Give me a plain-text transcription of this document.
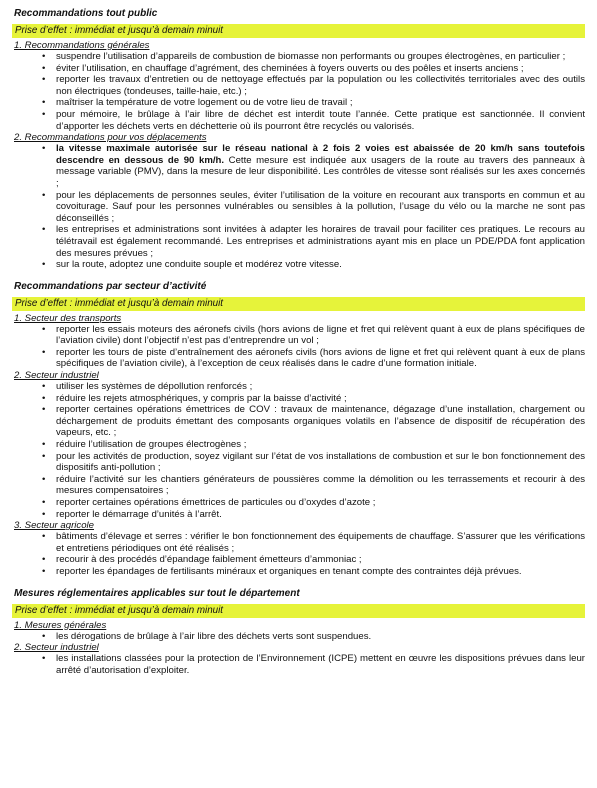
Recommandations tout public
Prise d’effet : immédiat et jusqu’à demain minuit
1. Recommandations générales
• suspendre l’utilisation d’appareils de combustion de biomasse non performants ou groupes électrogènes, en particulier ;
• éviter l’utilisation, en chauffage d’agrément, des cheminées à foyers ouverts ou des poêles et inserts anciens ;
• reporter les travaux d’entretien ou de nettoyage effectués par la population ou les collectivités territoriales avec des outils non électriques (tondeuses, taille-haie, etc.) ;
• maîtriser la température de votre logement ou de votre lieu de travail ;
• pour mémoire, le brûlage à l’air libre de déchet est interdit toute l’année. Cette pratique est sanctionnée. Il convient d’apporter les déchets verts en déchetterie où ils pourront être recyclés ou valorisés.
2. Recommandations pour vos déplacements
• la vitesse maximale autorisée sur le réseau national à 2 fois 2 voies est abaissée de 20 km/h sans toutefois descendre en dessous de 90 km/h. Cette mesure est indiquée aux usagers de la route au travers des panneaux à message variable (PMV), dans la mesure de leur disponibilité. Les contrôles de vitesse sont réalisés sur les axes concernés ;
• pour les déplacements de personnes seules, éviter l’utilisation de la voiture en recourant aux transports en commun et au covoiturage. Sauf pour les personnes vulnérables ou sensibles à la pollution, l’usage du vélo ou la marche ne sont pas déconseillés ;
• les entreprises et administrations sont invitées à adapter les horaires de travail pour faciliter ces pratiques. Le recours au télétravail est également recommandé. Les entreprises et administrations ayant mis en place un PDE/PDA font application des mesures prévues ;
• sur la route, adoptez une conduite souple et modérez votre vitesse.
Recommandations par secteur d’activité
Prise d’effet : immédiat et jusqu’à demain minuit
1. Secteur des transports
• reporter les essais moteurs des aéronefs civils (hors avions de ligne et fret qui relèvent quant à eux de plans spécifiques de l’aviation civile) dont l’objectif n’est pas d’entreprendre un vol ;
• reporter les tours de piste d’entraînement des aéronefs civils (hors avions de ligne et fret qui relèvent quant à eux de plans spécifiques de l’aviation civile), à l’exception de ceux réalisés dans le cadre d’une formation initiale.
2. Secteur industriel
• utiliser les systèmes de dépollution renforcés ;
• réduire les rejets atmosphériques, y compris par la baisse d’activité ;
• reporter certaines opérations émettrices de COV : travaux de maintenance, dégazage d’une installation, chargement ou déchargement de produits émettant des composants organiques volatils en l’absence de dispositif de récupération des vapeurs, etc. ;
• réduire l’utilisation de groupes électrogènes ;
• pour les activités de production, soyez vigilant sur l’état de vos installations de combustion et sur le bon fonctionnement des dispositifs anti-pollution ;
• réduire l’activité sur les chantiers générateurs de poussières comme la démolition ou les terrassements et recourir à des mesures compensatoires ;
• reporter certaines opérations émettrices de particules ou d’oxydes d’azote ;
• reporter le démarrage d’unités à l’arrêt.
3. Secteur agricole
• bâtiments d’élevage et serres : vérifier le bon fonctionnement des équipements de chauffage. S’assurer que les vérifications et entretiens périodiques ont été réalisés ;
• recourir à des procédés d’épandage faiblement émetteurs d’ammoniac ;
• reporter les épandages de fertilisants minéraux et organiques en tenant compte des contraintes déjà prévues.
Mesures réglementaires applicables sur tout le département
Prise d’effet : immédiat et jusqu’à demain minuit
1. Mesures générales
• les dérogations de brûlage à l’air libre des déchets verts sont suspendues.
2. Secteur industriel
• les installations classées pour la protection de l’Environnement (ICPE) mettent en œuvre les dispositions prévues dans leur arrêté d’autorisation d’exploiter.
